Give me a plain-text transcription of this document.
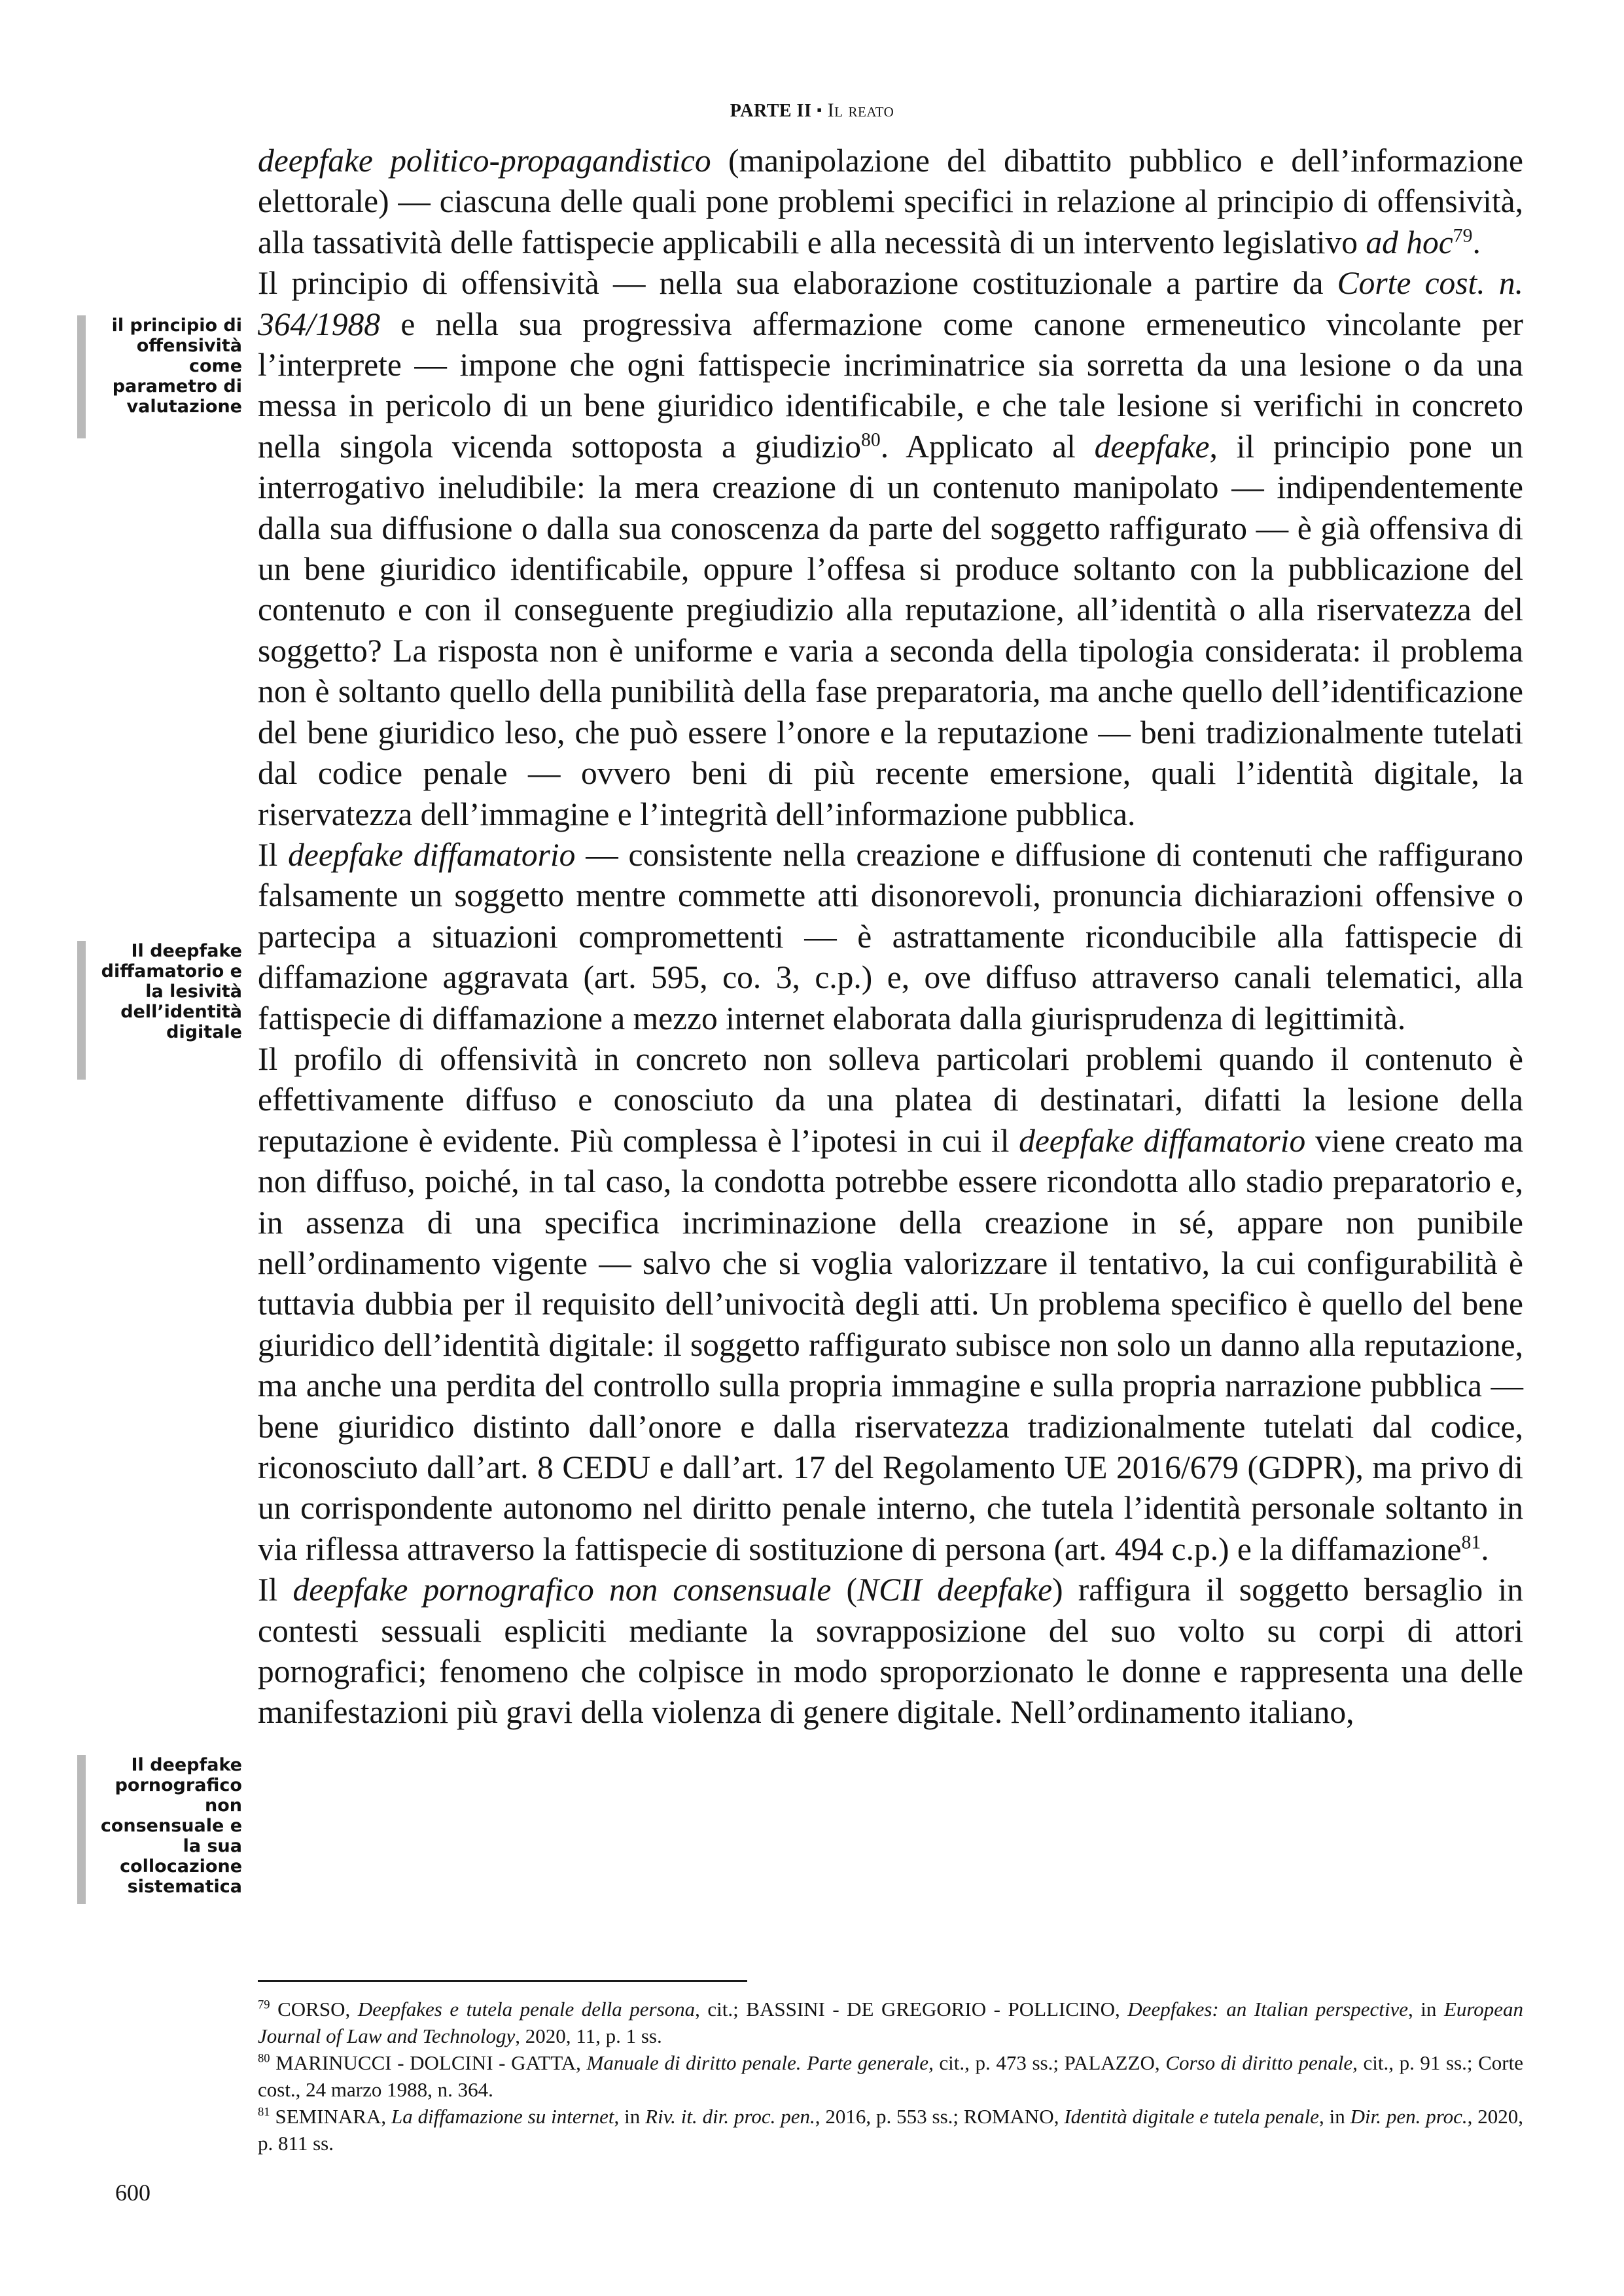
PARTE II ▪ Il reato
il principio di offensività come parametro di valutazione
Il deepfake diffamatorio e la lesività dell’identità digitale
Il deepfake pornografico non consensuale e la sua collocazione sistematica

deepfake politico-propagandistico (manipolazione del dibattito pubblico e dell’informazione elettorale) — ciascuna delle quali pone problemi specifici in relazione al principio di offensività, alla tassatività delle fattispecie applicabili e alla necessità di un intervento legislativo ad hoc$^{79}$.

Il principio di offensività — nella sua elaborazione costituzionale a partire da Corte cost. n. 364/1988 e nella sua progressiva affermazione come canone ermeneutico vincolante per l’interprete — impone che ogni fattispecie incriminatrice sia sorretta da una lesione o da una messa in pericolo di un bene giuridico identificabile, e che tale lesione si verifichi in concreto nella singola vicenda sottoposta a giudizio$^{80}$. Applicato al deepfake, il principio pone un interrogativo ineludibile: la mera creazione di un contenuto manipolato — indipendentemente dalla sua diffusione o dalla sua conoscenza da parte del soggetto raffigurato — è già offensiva di un bene giuridico identificabile, oppure l’offesa si produce soltanto con la pubblicazione del contenuto e con il conseguente pregiudizio alla reputazione, all’identità o alla riservatezza del soggetto? La risposta non è uniforme e varia a seconda della tipologia considerata: il problema non è soltanto quello della punibilità della fase preparatoria, ma anche quello dell’identificazione del bene giuridico leso, che può essere l’onore e la reputazione — beni tradizionalmente tutelati dal codice penale — ovvero beni di più recente emersione, quali l’identità digitale, la riservatezza dell’immagine e l’integrità dell’informazione pubblica.

Il deepfake diffamatorio — consistente nella creazione e diffusione di contenuti che raffigurano falsamente un soggetto mentre commette atti disonorevoli, pronuncia dichiarazioni offensive o partecipa a situazioni compromettenti — è astrattamente riconducibile alla fattispecie di diffamazione aggravata (art. 595, co. 3, c.p.) e, ove diffuso attraverso canali telematici, alla fattispecie di diffamazione a mezzo internet elaborata dalla giurisprudenza di legittimità.

Il profilo di offensività in concreto non solleva particolari problemi quando il contenuto è effettivamente diffuso e conosciuto da una platea di destinatari, difatti la lesione della reputazione è evidente. Più complessa è l’ipotesi in cui il deepfake diffamatorio viene creato ma non diffuso, poiché, in tal caso, la condotta potrebbe essere ricondotta allo stadio preparatorio e, in assenza di una specifica incriminazione della creazione in sé, appare non punibile nell’ordinamento vigente — salvo che si voglia valorizzare il tentativo, la cui configurabilità è tuttavia dubbia per il requisito dell’univocità degli atti. Un problema specifico è quello del bene giuridico dell’identità digitale: il soggetto raffigurato subisce non solo un danno alla reputazione, ma anche una perdita del controllo sulla propria immagine e sulla propria narrazione pubblica — bene giuridico distinto dall’onore e dalla riservatezza tradizionalmente tutelati dal codice, riconosciuto dall’art. 8 CEDU e dall’art. 17 del Regolamento UE 2016/679 (GDPR), ma privo di un corrispondente autonomo nel diritto penale interno, che tutela l’identità personale soltanto in via riflessa attraverso la fattispecie di sostituzione di persona (art. 494 c.p.) e la diffamazione$^{81}$.

Il deepfake pornografico non consensuale (NCII deepfake) raffigura il soggetto bersaglio in contesti sessuali espliciti mediante la sovrapposizione del suo volto su corpi di attori pornografici; fenomeno che colpisce in modo sproporzionato le donne e rappresenta una delle manifestazioni più gravi della violenza di genere digitale. Nell’ordinamento italiano,

$^{79}$ CORSO, Deepfakes e tutela penale della persona, cit.; BASSINI - DE GREGORIO - POLLICINO, Deepfakes: an Italian perspective, in European Journal of Law and Technology, 2020, 11, p. 1 ss.

$^{80}$ MARINUCCI - DOLCINI - GATTA, Manuale di diritto penale. Parte generale, cit., p. 473 ss.; PALAZZO, Corso di diritto penale, cit., p. 91 ss.; Corte cost., 24 marzo 1988, n. 364.

$^{81}$ SEMINARA, La diffamazione su internet, in Riv. it. dir. proc. pen., 2016, p. 553 ss.; ROMANO, Identità digitale e tutela penale, in Dir. pen. proc., 2020, p. 811 ss.

600
